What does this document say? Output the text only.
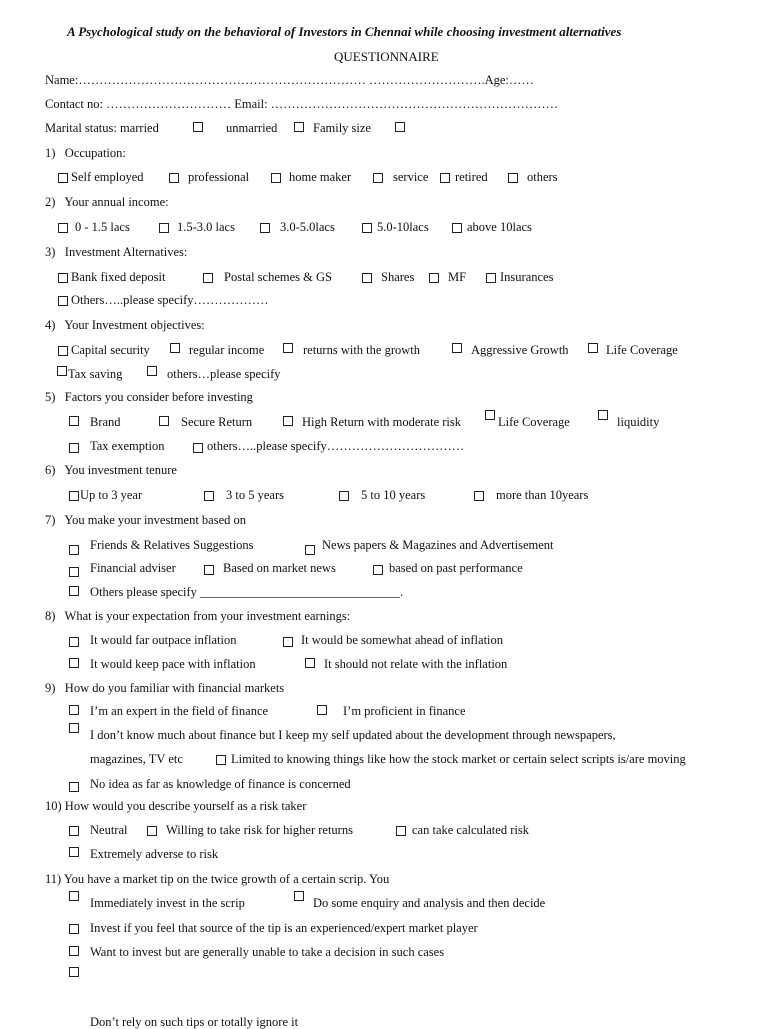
A Psychological study on the behavioral of Investors in Chennai while choosing investment alternatives
QUESTIONNAIRE
Name:…………………………………………………………… ……………………….Age:……
Contact no: ………………………… Email: ……………………………………………………………
Marital status: married	unmarried	Family size
1)   Occupation:
Self employed	professional	home maker	service retired	others
2)   Your annual income:
0 - 1.5 lacs	1.5-3.0 lacs	3.0-5.0lacs	5.0-10lacs	above 10lacs
3)   Investment Alternatives:
Bank fixed deposit	Postal schemes & GS	Shares	MF	Insurances
Others…..please specify………………
4)   Your Investment objectives:
Capital security	regular income	returns with the growth	Aggressive Growth	Life Coverage
Tax saving	others…please specify
5)   Factors you consider before investing
Brand	Secure Return	High Return with moderate risk	Life Coverage	liquidity
Tax exemption	others…..please specify……………………………
6)   You investment tenure
Up to 3 year	3 to 5 years	5 to 10 years	more than 10years
7)   You make your investment based on
Friends & Relatives Suggestions	News papers & Magazines and Advertisement
Financial adviser	Based on market news	based on past performance
Others please specify ________________________________.
8)   What is your expectation from your investment earnings:
It would far outpace inflation	It would be somewhat ahead of inflation
It would keep pace with inflation	It should not relate with the inflation
9)   How do you familiar with financial markets
I’m an expert in the field of finance	I’m proficient in finance
I don’t know much about finance but I keep my self updated about the development through newspapers,
magazines, TV etc	Limited to knowing things like how the stock market or certain select scripts is/are moving
No idea as far as knowledge of finance is concerned
10) How would you describe yourself as a risk taker
Neutral	Willing to take risk for higher returns	can take calculated risk
Extremely adverse to risk
11) You have a market tip on the twice growth of a certain scrip. You
Immediately invest in the scrip	Do some enquiry and analysis and then decide
Invest if you feel that source of the tip is an experienced/expert market player
Want to invest but are generally unable to take a decision in such cases
Don’t rely on such tips or totally ignore it
